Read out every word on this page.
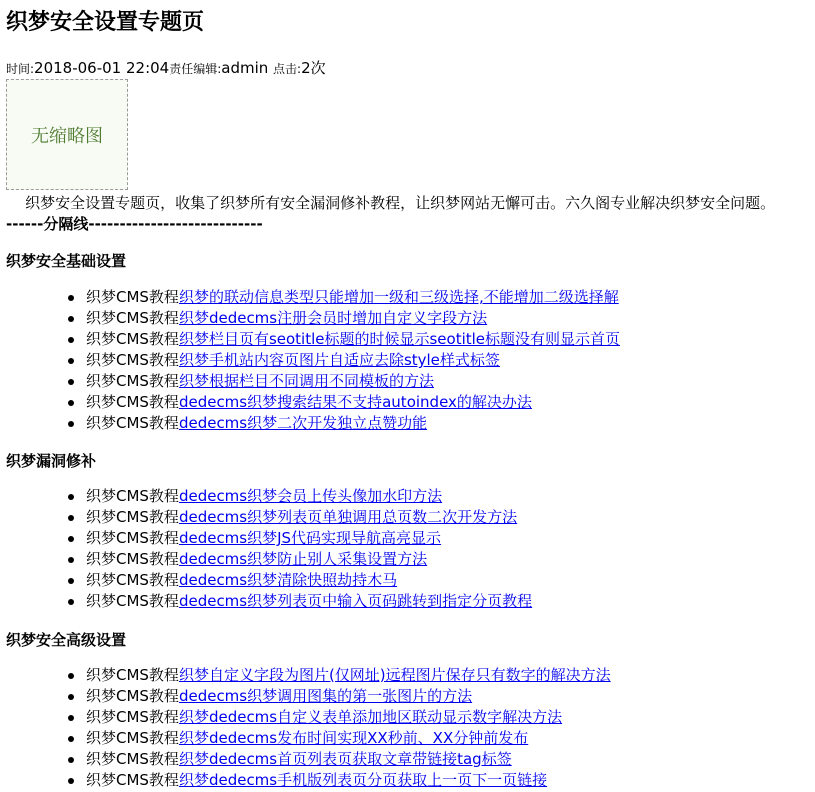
织梦安全设置专题页
时间:2018-06-01 22:04责任编辑:admin 点击:2次
无缩略图
织梦安全设置专题页，收集了织梦所有安全漏洞修补教程，让织梦网站无懈可击。六久阁专业解决织梦安全问题。
------分隔线----------------------------
织梦安全基础设置
织梦CMS教程织梦的联动信息类型只能增加一级和三级选择,不能增加二级选择解
织梦CMS教程织梦dedecms注册会员时增加自定义字段方法
织梦CMS教程织梦栏目页有seotitle标题的时候显示seotitle标题没有则显示首页
织梦CMS教程织梦手机站内容页图片自适应去除style样式标签
织梦CMS教程织梦根据栏目不同调用不同模板的方法
织梦CMS教程dedecms织梦搜索结果不支持autoindex的解决办法
织梦CMS教程dedecms织梦二次开发独立点赞功能
织梦漏洞修补
织梦CMS教程dedecms织梦会员上传头像加水印方法
织梦CMS教程dedecms织梦列表页单独调用总页数二次开发方法
织梦CMS教程dedecms织梦JS代码实现导航高亮显示
织梦CMS教程dedecms织梦防止别人采集设置方法
织梦CMS教程dedecms织梦清除快照劫持木马
织梦CMS教程dedecms织梦列表页中输入页码跳转到指定分页教程
织梦安全高级设置
织梦CMS教程织梦自定义字段为图片(仅网址)远程图片保存只有数字的解决方法
织梦CMS教程dedecms织梦调用图集的第一张图片的方法
织梦CMS教程织梦dedecms自定义表单添加地区联动显示数字解决方法
织梦CMS教程织梦dedecms发布时间实现XX秒前、XX分钟前发布
织梦CMS教程织梦dedecms首页列表页获取文章带链接tag标签
织梦CMS教程织梦dedecms手机版列表页分页获取上一页下一页链接
